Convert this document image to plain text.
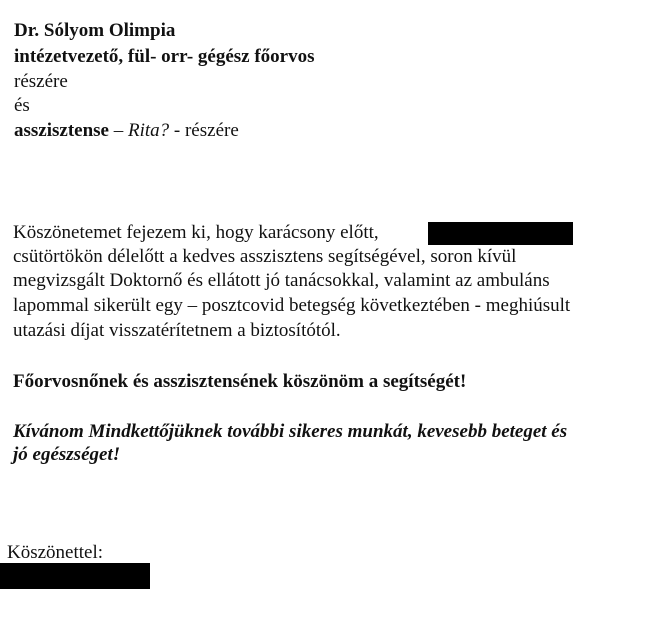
Dr. Sólyom Olimpia
intézetvezető, fül- orr- gégész főorvos
részére
és
asszisztense – Rita? - részére
Köszönetemet fejezem ki, hogy karácsony előtt,
csütörtökön délelőtt a kedves asszisztens segítségével, soron kívül
megvizsgált Doktornő és ellátott jó tanácsokkal, valamint az ambuláns
lapommal sikerült egy – posztcovid betegség következtében - meghiúsult
utazási díjat visszatérítetnem a biztosítótól.
Főorvosnőnek és asszisztensének köszönöm a segítségét!
Kívánom Mindkettőjüknek további sikeres munkát, kevesebb beteget és
jó egészséget!
Köszönettel:
